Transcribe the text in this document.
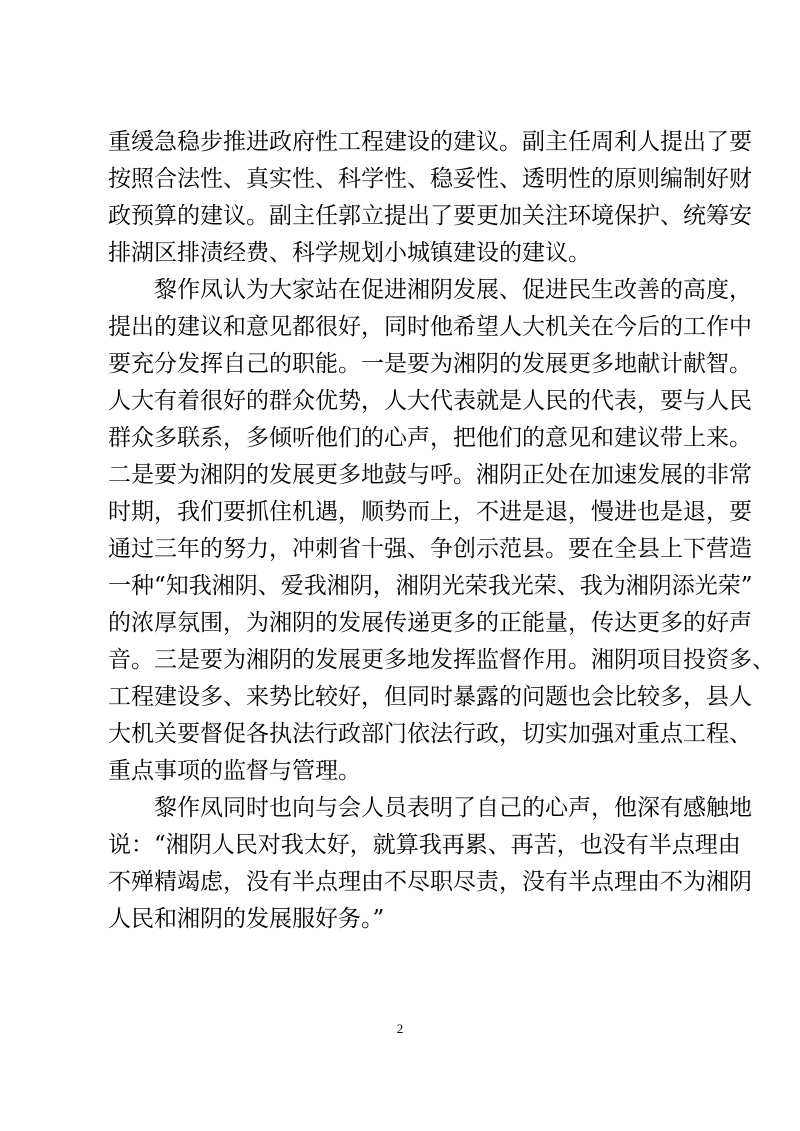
重缓急稳步推进政府性工程建设的建议。副主任周利人提出了要
按照合法性、真实性、科学性、稳妥性、透明性的原则编制好财
政预算的建议。副主任郭立提出了要更加关注环境保护、统筹安
排湖区排渍经费、科学规划小城镇建设的建议。
黎作凤认为大家站在促进湘阴发展、促进民生改善的高度，
提出的建议和意见都很好，同时他希望人大机关在今后的工作中
要充分发挥自己的职能。一是要为湘阴的发展更多地献计献智。
人大有着很好的群众优势，人大代表就是人民的代表，要与人民
群众多联系，多倾听他们的心声，把他们的意见和建议带上来。
二是要为湘阴的发展更多地鼓与呼。湘阴正处在加速发展的非常
时期，我们要抓住机遇，顺势而上，不进是退，慢进也是退，要
通过三年的努力，冲刺省十强、争创示范县。要在全县上下营造
一种“知我湘阴、爱我湘阴，湘阴光荣我光荣、我为湘阴添光荣”
的浓厚氛围，为湘阴的发展传递更多的正能量，传达更多的好声
音。三是要为湘阴的发展更多地发挥监督作用。湘阴项目投资多、
工程建设多、来势比较好，但同时暴露的问题也会比较多，县人
大机关要督促各执法行政部门依法行政，切实加强对重点工程、
重点事项的监督与管理。
黎作凤同时也向与会人员表明了自己的心声，他深有感触地
说：“湘阴人民对我太好，就算我再累、再苦，也没有半点理由
不殚精竭虑，没有半点理由不尽职尽责，没有半点理由不为湘阴
人民和湘阴的发展服好务。”
2
